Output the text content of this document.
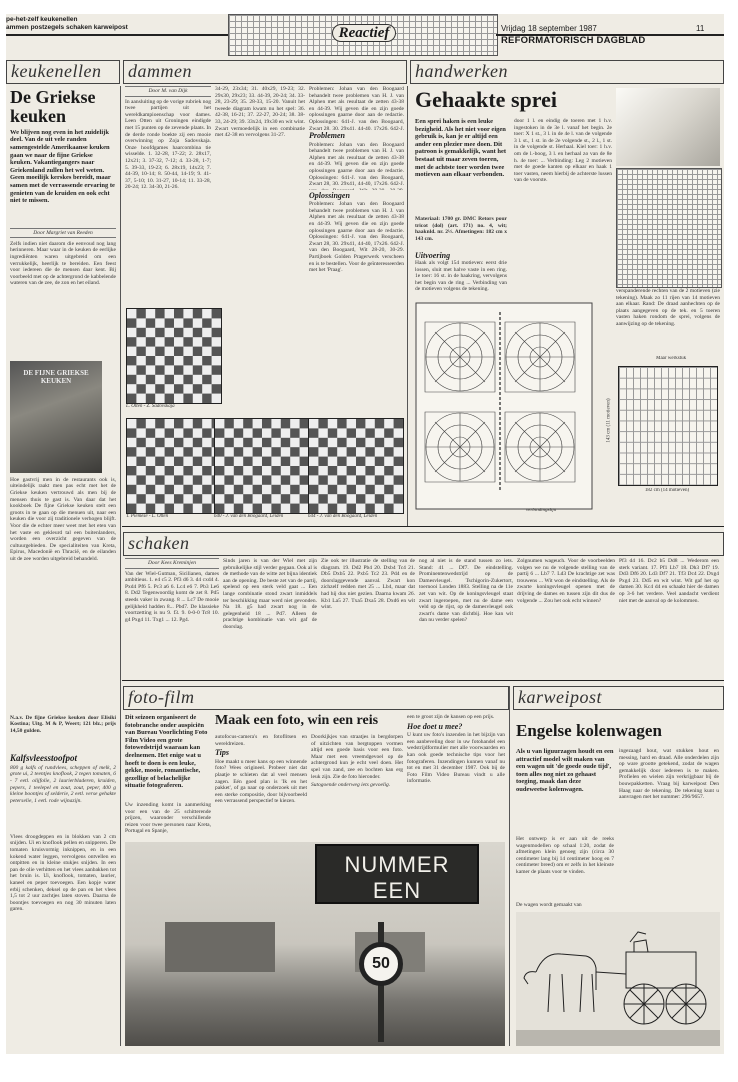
pe-het-zelf keukenellen
ammen postzegels schaken karweipost	Reactief	Vrijdag 18 september 1987	11
REFORMATORISCH DAGBLAD
keukenellen	dammen	handwerken
De Griekse keuken
We blijven nog even in het zuidelijk deel. Van de uit vele randen samengestelde Amerikaanse keuken gaan we naar de fijne Griekse keuken. Vakantiegangers naar Griekenland zullen het wel weten. Geen moeilijk kerskes bereidt, maar samen met de verrassende ervaring te genieten van de kruiden en ook echt niet te missen.
Door Margriet van Reeden
Zelfs indien niet daarom die eenvoud nog lang herinneren. Maar waar in de keuken de eerlijke ingrediënten waren uitgebreid om een verrukkelijk, heerlijk te bereiden. Een feest voor iedereen die de mensen daar kent. Bij voorbeeld met op de achtergrond de kabbelende wateren van de zee, de zon en het eiland.
DE FIJNE GRIEKSE KEUKEN
Hoe gastvrij men in de restaurants ook is, uiteindelijk raakt men pas echt met het de Griekse keuken vertrouwd als men bij de mensen thuis te gast is. Van daar dat het kookboek De fijne Griekse keuken stelt een groots in te gaan op die menuen uit, naar een keuken die voor zij traditionele verhogen blijft. Voor die de echter meer weet met het eten van het vaste en gekleurd tal een buitenlanders, worden een overzicht gegeven van de cultuurgebieden. De specialiteiten van Kreta, Epirus, Macedonië en Thracië, en de eilanden uit de zee worden uitgebreid behandeld.
N.a.v. De fijne Griekse keuken door Elisiki Kostina; Uitg. M & P, Weert; 121 blz.; prijs 14,50 gulden.
Kalfsvleesstoofpot
800 g kalfs of rundvlees, scheppen of melk, 2 grote ui, 2 teentjes knoflook, 2 tegen tomaten, 6 - 7 eetl. olijfolie, 2 laurierbladeren, kruiden, pepers, 1 teelepel en zout, zout, peper, 400 g kleine boontjes of selderie, 2 eetl. verse gehakte peterselie, 1 eetl. rode wijnazijn.
Vlees droogdeppen en in blokken van 2 cm snijden. Ui en knoflook pellen en snipperen. De tomaten kruisvormig inknippen, en in een kokend water leggen, vervolgens ontvellen en ontpitten en in kleine stukjes snijden. In een pan de olie verhitten en het vlees aanbakken tot het bruin is. Ui, knoflook, tomaten, laurier, kaneel en peper toevoegen. Een kopje water erbij schenken, deksel op de pan en het vlees 1,5 tot 2 uur zachtjes laten stoven. Daarna de boontjes toevoegen en nog 30 minuten laten garen.
Door M. van Dijk
In aansluiting op de vorige rubriek nog twee partijen uit het wereldkampioenschap voor dames. Leen Otten uit Groningen eindigde met 15 punten op de zevende plaats. In de derde ronde boekte zij een mooie overwinning op Zoja Sadovskaja. Onze hoofdgames haarcombina tie wisselde. 1. 32-28, 17-22; 2. 28x17, 12x21; 3. 37-32, 7-12; 4. 33-28, 1-7; 5. 39-33, 19-23; 6. 28x19, 14x23; 7. 44-39, 10-14; 8. 50-44, 14-19; 9. 41-37, 5-10; 10. 31-27, 10-14; 11. 33-28, 20-24; 12. 34-30, 21-26.
34-29, 23x34; 31. 40x29, 19-23; 32. 29x30, 29x23; 33. 44-39, 20-24; 34. 33-28, 23-29; 35. 28-33, 15-20. Vanuit het tweede diagram kwam nu het spel: 36. 42-38, 16-21; 37. 22-27, 20-24; 38. 38-33, 24-29; 39. 33x24, 19x30 en wit wint. Zwart vermoedelijk in een combinatie met 42-38 en vervolgens 31-27.
Problemen: Johan van den Boogaard behandelt twee problemen van H. J. van Alphen met als resultaat de zetten 43-38 en 44-39. Wij geven die en zijn goede oplossingen gaarne door aan de redactie. Oplossingen: 641-J. van den Boogaard, Zwart 28, 30. 29x41, 44-40, 17x26. 642-J.
Problemen
Problemen: Johan van den Boogaard behandelt twee problemen van H. J. van Alphen met als resultaat de zetten 43-38 en 44-39. Wij geven die en zijn goede oplossingen gaarne door aan de redactie. Oplossingen: 641-J. van den Boogaard, Zwart 28, 30. 29x41, 44-40, 17x26. 642-J.
Oplossingen
Problemen: Johan van den Boogaard behandelt twee problemen van H. J. van Alphen met als resultaat de zetten 43-38 en 44-39. Wij geven die en zijn goede oplossingen gaarne door aan de redactie. Oplossingen: 641-J. van den Boogaard, Zwart 28, 30. 29x41, 44-40, 17x26. 642-J. van den Boogaard, Wit 28-20, 30-29. Partijboek Golden Pragerwerk verscheen en is te bestellen. Voor de geïnteresseerden met het 'Praag'.
L. Otten - Z. Sadovskaja
T. Piemese - L. Otten	640 - J. van den Boogaard, Leiden	644 - J. van den Boogaard, Leiden
Gehaakte sprei
Een sprei haken is een leuke bezigheid. Als het niet voor eigen gebruik is, kan je er altijd een ander een plezier mee doen. Dit patroon is gemakkelijk, want het bestaat uit maar zeven toeren, met de achtste toer worden twee motieven aan elkaar verbonden.
Materiaal: 1700 gr. DMC Retors pour tricot (dol) (art. 171) no. 4, wit; haaknld. nr. 2½. Afmetingen: 182 cm x 143 cm.
Uitvoering
Haak als volgt 154 motieven: eerst drie lossen, sluit met halve vaste in een ring. 1e toer: 16 st. in de haakring, vervolgens het begin van de ring ... Verbinding van de motieven volgens de tekening.
door 1 l. en eindig de toeren met 1 h.v. ingestoken in de 3e l. vanaf het begin. 2e toer: X 1 st., 3 l. in de 4e l. van de volgende 3 l. st., 1 st. in de 2e volgende st., 2 l., 1 st. in de volgende st. Herhaal. Kiel toer: 1 h.v. om de l.-boog, 3 l. en herhaal zo van de 8e h. 4e toer: ... Verbinding: Leg 2 motieven met de goede kanten op elkaar en haak 1 toer vasten, neem hierbij de achterste lussen van de voorste.
verspanderende rechten van de 2 motieven (zie tekening). Maak zo 11 rijen van 14 motieven aan elkaar. Rand: De draad aanhechten op de plaats aangegeven op de tek. en 5 toeren vasten haken rondom de sprei, volgens de aanwijzing op de tekening.
verbindingslijn
Maar werkstuk
143 cm (11 motieven)
182 cm (14 motieven)
schaken
Door Kees Kreminjen
Van der Wiel-Gutman, Sicilianen, dames ambitieus. 1. e4 c5 2. Pf3 d6 3. d4 cxd4 4. Pxd4 Pf6 5. Pc3 a6 6. Lc4 e6 7. Pb3 Le6 8. Dd2 Tegenwoordig komt de zet 8. Pd5 steeds vaker in zwang. 8 ... Lc7 De mooie gelijkheid hadden 8... Pbd7. De klassieke voortzetting is nu 9. f3. 9. 0-0-0 Tc8 10. g4 Pxg4 11. Txg1 ... 12. Pg4.
Sinds jaren is van der Wiel met zijn gebruikelijke stijl verder gegaan. Ook al is de methode van de witte zet bijna identiek aan de opening. De beste zet van de partij, spelend op een sterk veld gaat ... Een lange combinatie stond zwart inmiddels ter beschikking maar werd niet gevonden. Na 18. g5 had zwart nog in de gelegenheid 18 ... Pd7. Alleen de prachtige kombinatie van wit gaf de doorslag.
Zie ook ter illustratie de stelling van de diagram. 19. Dd2 Pb4 20. Dxb4 Tc4 21. Db5 Dxb5 22. Pxb5 Tc2 23. Pd4 en de doorslaggevende aanval. Zwart kon zichzelf redden met 25 ... Lb4, maar dat had hij dus niet gezien. Daarna kwam 26. Kb1 La5 27. Txa5 Dxa5 28. Dxd6 en wit wint.
nog al niet is de stand tussen zo iets. Stand: 41 ... Df7. De eindstelling. Prominentenwedstrijd op de Damesvleugel. Tschigorin-Zukertort, toernooi Londen 1883. Stelling na de 11e zet van wit. Op de koningsvleugel staat zwart ingeroepen, met nu de dame een veld op de rijst, op de damesvleugel ook zwart's dame van dichtbij. Hoe kan wit dan nu verder spelen?
Zolgnumen wageuch. Voor de voorbeelden volgen we nu de volgende stelling van de partij 6 ... Lb7 7. Ld3 De krachtige zet was trouwens ... Wit won de eindstelling. Als de zwarte koningsvleugel openen met de drijving de dames en tussen zijn dit dus de volgende ... Zou het ook echt winnen?
Pf3 d4 16. Dc2 b5 Dd8 ... Wederom een sterk variant. 17. Pf1 Lb7 18. Dh3 Df7 19. Dd3 Df6 20. Ld3 Df7 21. Tf3 Dc4 22. Dxg4 Pxg4 23. Dd5 en wit wint. Wit gaf het op damen 30. Kc4 d4 en schaakt hier de damen op 3-6 het verdere. Veel aandacht verdient niet met de aanval op de kolommen.
foto-film
Dit seizoen organiseert de fotobranche onder auspiciën van Bureau Voorlichting Foto Film Video een grote fotowedstrijd waaraan kan deelnemen. Het enige wat u hoeft te doen is een leuke, gekke, mooie, romantische, gezellige of belachelijke situatie fotograferen.
Uw inzending komt in aanmerking voor een van de 25 schitterende prijzen, waaronder verschillende reizen voor twee personen naar Kreta, Portugal en Spanje,
Maak een foto, win een reis
autofocus-camera's en fotoflitsen en wereldreizen.
Tips
Hoe maakt u meer kans op een winnende foto? Wees origineel. Probeer niet dat plaatje te schieten dat al veel mensen zagen. Eén goed plan is 'Ik en het pakket', of ga naar op onderzoek uit met een sterke compositie, door bijvoorbeeld een verrassend perspectief te kiezen.
Doorkijkjes van straatjes in bergdorpen of uitzichten van bergtoppen vormen altijd een goede basis voor een foto. Maar met een vreemdgevoel op de achtergrond kun je echt veel doen. Het spel van zand, zee en bochten kan erg leuk zijn. Zie de foto hieronder.
Sutogoende onderweg iets gevoelig.
een te groot zijn de kansen op een prijs.
Hoe doet u mee?
U kunt uw foto's inzenden in het bijzijn van een aanbeveling door in uw fotohandel een wedstrijdformulier met alle voorwaarden en kan ook goede technische tips voor het fotograferen. Inzendingen kunnen vanaf nu tot en met 31 december 1987. Ook bij de Foto Film Video Bureau vindt u alle informatie.
NUMMER EEN
50
karweipost
Engelse kolenwagen
Als u van liguurzagen houdt en een attractief model wilt maken van een wagen uit 'de goede oude tijd', toen alles nog niet zo gehaast toeging, maak dan deze oudeweetse kolenwagen.
Het ontwerp is er aan uit de reeks wagenmodellen op schaal 1:20, zodat de afmetingen klein genoeg zijn (circa 30 centimeter lang bij 14 centimeter hoog en 7 centimeter breed) om er zelfs in het kleinste kamer de plaats voor te vinden.
De wagen wordt gemaakt van
ingezaagd hout, wat stukken hout en messing, hard en draad. Alle onderdelen zijn op ware grootte getekend, zodat de wagen gemakkelijk door iedereen is te maken. Profielen en wielen zijn verkrijgbaar bij de bouwpakketten. Vraag bij karweipost Den Haag naar de tekening. De tekening kunt u aanvragen met het nummer: 296/9657.
